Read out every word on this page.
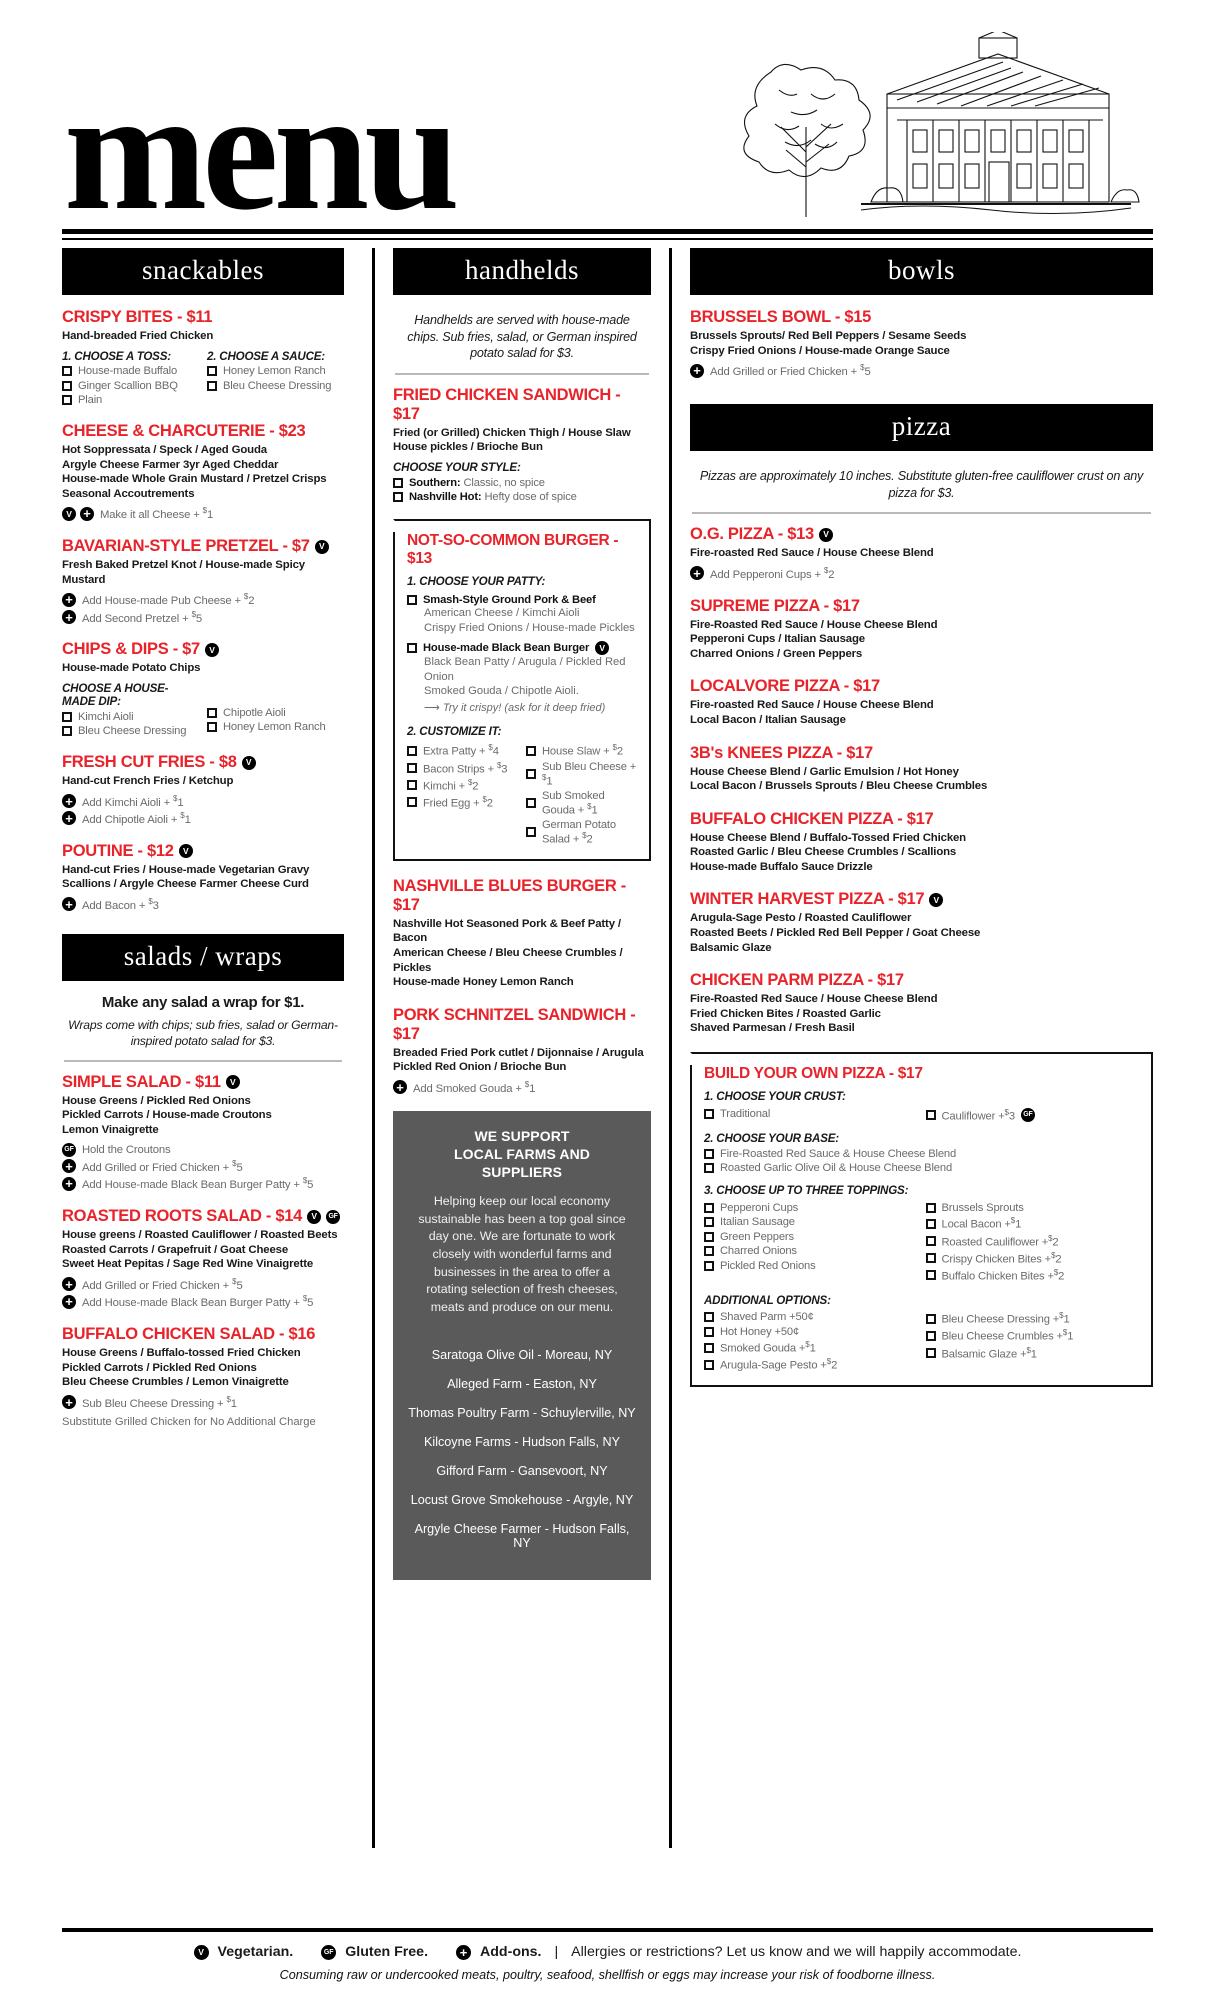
menu
snackables
CRISPY BITES - $11
Hand-breaded Fried Chicken
1. CHOOSE A TOSS:
House-made Buffalo
Ginger Scallion BBQ
Plain
2. CHOOSE A SAUCE:
Honey Lemon Ranch
Bleu Cheese Dressing
CHEESE & CHARCUTERIE - $23
Hot Soppressata / Speck / Aged Gouda
Argyle Cheese Farmer 3yr Aged Cheddar
House-made Whole Grain Mustard / Pretzel Crisps
Seasonal Accoutrements
V + Make it all Cheese + $1
BAVARIAN-STYLE PRETZEL - $7	V
Fresh Baked Pretzel Knot / House-made Spicy Mustard
+ Add House-made Pub Cheese + $2
+ Add Second Pretzel + $5
CHIPS & DIPS - $7	V
House-made Potato Chips
CHOOSE A HOUSE-MADE DIP:
Kimchi Aioli
Bleu Cheese Dressing
Chipotle Aioli
Honey Lemon Ranch
FRESH CUT FRIES - $8	V
Hand-cut French Fries / Ketchup
+ Add Kimchi Aioli + $1
+ Add Chipotle Aioli + $1
POUTINE - $12	V
Hand-cut Fries / House-made Vegetarian Gravy
Scallions / Argyle Cheese Farmer Cheese Curd
+ Add Bacon + $3
salads / wraps
Make any salad a wrap for $1.
Wraps come with chips; sub fries, salad or German-inspired potato salad for $3.
SIMPLE SALAD - $11	V
House Greens / Pickled Red Onions
Pickled Carrots / House-made Croutons
Lemon Vinaigrette
GF Hold the Croutons
+ Add Grilled or Fried Chicken + $5
+ Add House-made Black Bean Burger Patty + $5
ROASTED ROOTS SALAD - $14	V	GF
House greens / Roasted Cauliflower / Roasted Beets
Roasted Carrots / Grapefruit / Goat Cheese
Sweet Heat Pepitas / Sage Red Wine Vinaigrette
+ Add Grilled or Fried Chicken + $5
+ Add House-made Black Bean Burger Patty + $5
BUFFALO CHICKEN SALAD - $16
House Greens / Buffalo-tossed Fried Chicken
Pickled Carrots / Pickled Red Onions
Bleu Cheese Crumbles / Lemon Vinaigrette
+ Sub Bleu Cheese Dressing + $1
Substitute Grilled Chicken for No Additional Charge
handhelds
Handhelds are served with house-made chips. Sub fries, salad, or German inspired potato salad for $3.
FRIED CHICKEN SANDWICH - $17
Fried (or Grilled) Chicken Thigh / House Slaw
House pickles / Brioche Bun
CHOOSE YOUR STYLE:
Southern: Classic, no spice
Nashville Hot: Hefty dose of spice
NOT-SO-COMMON BURGER - $13
1. CHOOSE YOUR PATTY:
Smash-Style Ground Pork & Beef
American Cheese / Kimchi Aioli
Crispy Fried Onions / House-made Pickles
House-made Black Bean Burger	V
Black Bean Patty / Arugula / Pickled Red Onion
Smoked Gouda / Chipotle Aioli.
⟶ Try it crispy! (ask for it deep fried)
2. CUSTOMIZE IT:
Extra Patty + $4
Bacon Strips + $3
Kimchi + $2
Fried Egg + $2
House Slaw + $2
Sub Bleu Cheese + $1
Sub Smoked Gouda + $1
German Potato Salad + $2
NASHVILLE BLUES BURGER - $17
Nashville Hot Seasoned Pork & Beef Patty / Bacon
American Cheese / Bleu Cheese Crumbles / Pickles
House-made Honey Lemon Ranch
PORK SCHNITZEL SANDWICH - $17
Breaded Fried Pork cutlet / Dijonnaise / Arugula
Pickled Red Onion / Brioche Bun
+ Add Smoked Gouda + $1
WE SUPPORT
LOCAL FARMS AND SUPPLIERS

Helping keep our local economy sustainable has been a top goal since day one. We are fortunate to work closely with wonderful farms and businesses in the area to offer a rotating selection of fresh cheeses, meats and produce on our menu.

Saratoga Olive Oil - Moreau, NY
Alleged Farm - Easton, NY
Thomas Poultry Farm - Schuylerville, NY
Kilcoyne Farms - Hudson Falls, NY
Gifford Farm - Gansevoort, NY
Locust Grove Smokehouse - Argyle, NY
Argyle Cheese Farmer - Hudson Falls, NY
bowls
BRUSSELS BOWL - $15
Brussels Sprouts/ Red Bell Peppers / Sesame Seeds
Crispy Fried Onions / House-made Orange Sauce
+ Add Grilled or Fried Chicken + $5
pizza
Pizzas are approximately 10 inches. Substitute gluten-free cauliflower crust on any pizza for $3.
O.G. PIZZA - $13	V
Fire-roasted Red Sauce / House Cheese Blend
+ Add Pepperoni Cups + $2
SUPREME PIZZA - $17
Fire-Roasted Red Sauce / House Cheese Blend
Pepperoni Cups / Italian Sausage
Charred Onions / Green Peppers
LOCALVORE PIZZA - $17
Fire-roasted Red Sauce / House Cheese Blend
Local Bacon / Italian Sausage
3B's KNEES PIZZA - $17
House Cheese Blend / Garlic Emulsion / Hot Honey
Local Bacon / Brussels Sprouts / Bleu Cheese Crumbles
BUFFALO CHICKEN PIZZA - $17
House Cheese Blend / Buffalo-Tossed Fried Chicken
Roasted Garlic / Bleu Cheese Crumbles / Scallions
House-made Buffalo Sauce Drizzle
WINTER HARVEST PIZZA - $17	V
Arugula-Sage Pesto / Roasted Cauliflower
Roasted Beets / Pickled Red Bell Pepper / Goat Cheese
Balsamic Glaze
CHICKEN PARM PIZZA - $17
Fire-Roasted Red Sauce / House Cheese Blend
Fried Chicken Bites / Roasted Garlic
Shaved Parmesan / Fresh Basil
BUILD YOUR OWN PIZZA - $17
1. CHOOSE YOUR CRUST:
Traditional	Cauliflower +$3	GF
2. CHOOSE YOUR BASE:
Fire-Roasted Red Sauce & House Cheese Blend
Roasted Garlic Olive Oil & House Cheese Blend
3. CHOOSE UP TO THREE TOPPINGS:
Pepperoni Cups
Italian Sausage
Green Peppers
Charred Onions
Pickled Red Onions
Brussels Sprouts
Local Bacon +$1
Roasted Cauliflower +$2
Crispy Chicken Bites +$2
Buffalo Chicken Bites +$2
ADDITIONAL OPTIONS:
Shaved Parm +50¢
Hot Honey +50¢
Smoked Gouda +$1
Arugula-Sage Pesto +$2
Bleu Cheese Dressing +$1
Bleu Cheese Crumbles +$1
Balsamic Glaze +$1
V Vegetarian.	GF Gluten Free. + Add-ons. | Allergies or restrictions? Let us know and we will happily accommodate.
Consuming raw or undercooked meats, poultry, seafood, shellfish or eggs may increase your risk of foodborne illness.
